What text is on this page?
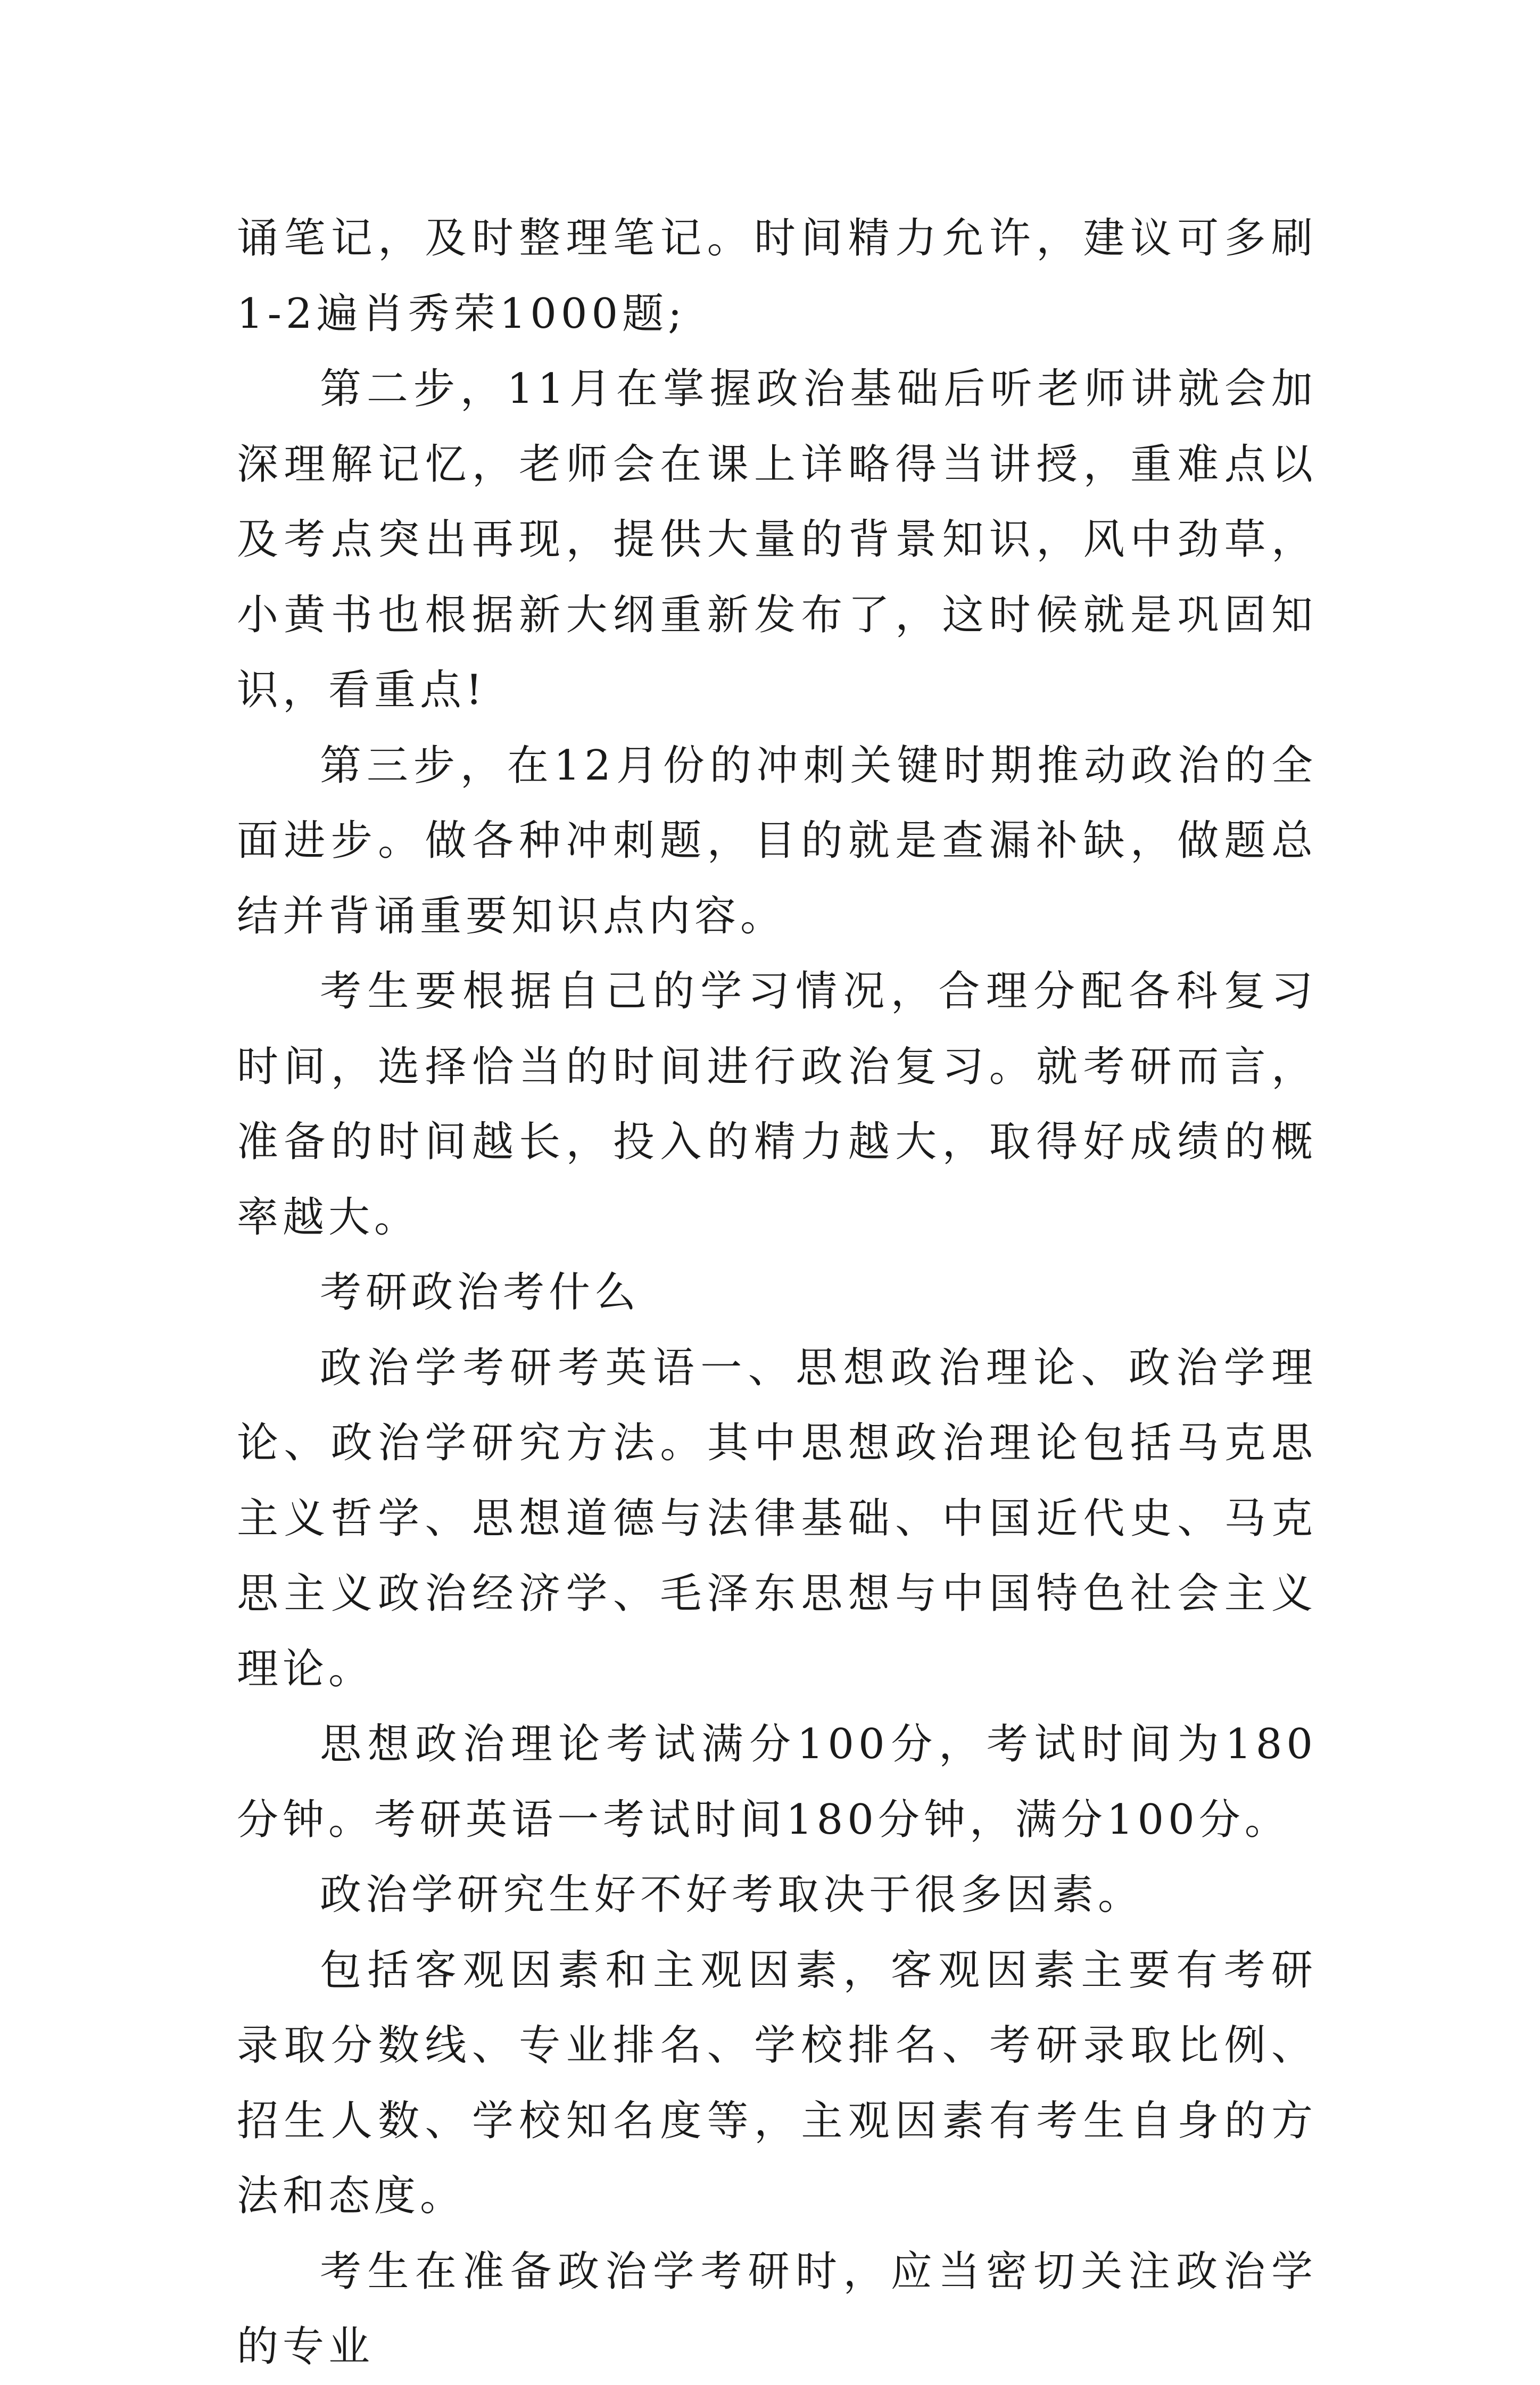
诵笔记，及时整理笔记。时间精力允许，建议可多刷1-2遍肖秀荣1000题;

第二步，11月在掌握政治基础后听老师讲就会加深理解记忆，老师会在课上详略得当讲授，重难点以及考点突出再现，提供大量的背景知识，风中劲草，小黄书也根据新大纲重新发布了，这时候就是巩固知识，看重点!

第三步，在12月份的冲刺关键时期推动政治的全面进步。做各种冲刺题，目的就是查漏补缺，做题总结并背诵重要知识点内容。

考生要根据自己的学习情况，合理分配各科复习时间，选择恰当的时间进行政治复习。就考研而言，准备的时间越长，投入的精力越大，取得好成绩的概率越大。

考研政治考什么

政治学考研考英语一、思想政治理论、政治学理论、政治学研究方法。其中思想政治理论包括马克思主义哲学、思想道德与法律基础、中国近代史、马克思主义政治经济学、毛泽东思想与中国特色社会主义理论。

思想政治理论考试满分100分，考试时间为180分钟。考研英语一考试时间180分钟，满分100分。

政治学研究生好不好考取决于很多因素。

包括客观因素和主观因素，客观因素主要有考研录取分数线、专业排名、学校排名、考研录取比例、招生人数、学校知名度等，主观因素有考生自身的方法和态度。

考生在准备政治学考研时，应当密切关注政治学的专业
